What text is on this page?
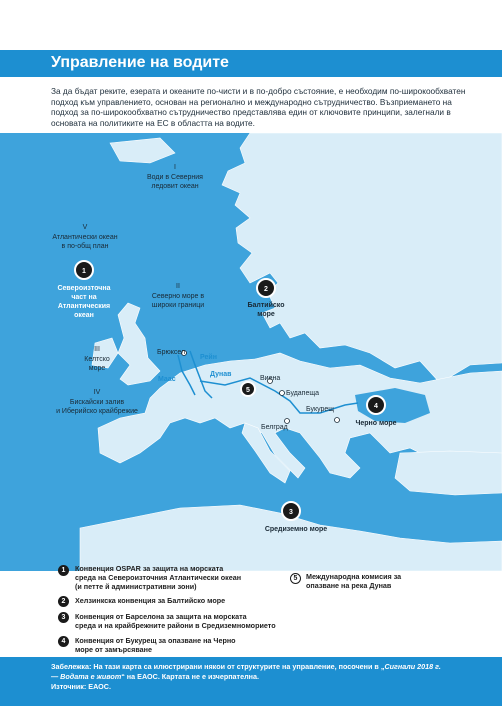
Управление на водите
За да бъдат реките, езерата и океаните по-чисти и в по-добро състояние, е необходим по-широкообхватен подход към управлението, основан на регионално и международно сътрудничество. Възприемането на подход за по-широкообхватно сътрудничество представлява един от ключовите принципи, залегнали в основата на политиките на ЕС в областта на водите.
I
Води в Северния
ледовит океан
II
Северно море в
широки граници
III
Келтско
море
IV
Бискайски залив
и Иберийско крайбрежие
V
Атлантически океан
в по-общ план
1
Североизточна
част на
Атлантическия
океан
2
Балтийско
море
3
Средиземно море
4
Черно море
5
Брюксел
Виена
Будапеща
Букурещ
Белград
Рейн
Маас
Дунав
1	Конвенция OSPAR за защита на морската
среда на Североизточния Атлантически океан
(и петте й административни зони)
2	Хелзинкска конвенция за Балтийско море
3	Конвенция от Барселона за защита на морската
среда и на крайбрежните райони в Средиземноморието
4	Конвенция от Букурещ за опазване на Черно
море от замърсяване
5	Международна комисия за
опазване на река Дунав
Забележка: На тази карта са илюстрирани някои от структурите на управление, посочени в „Сигнали 2018 г.
— Водата е живот“ на ЕАОС. Картата не е изчерпателна.
Източник: ЕАОС.
